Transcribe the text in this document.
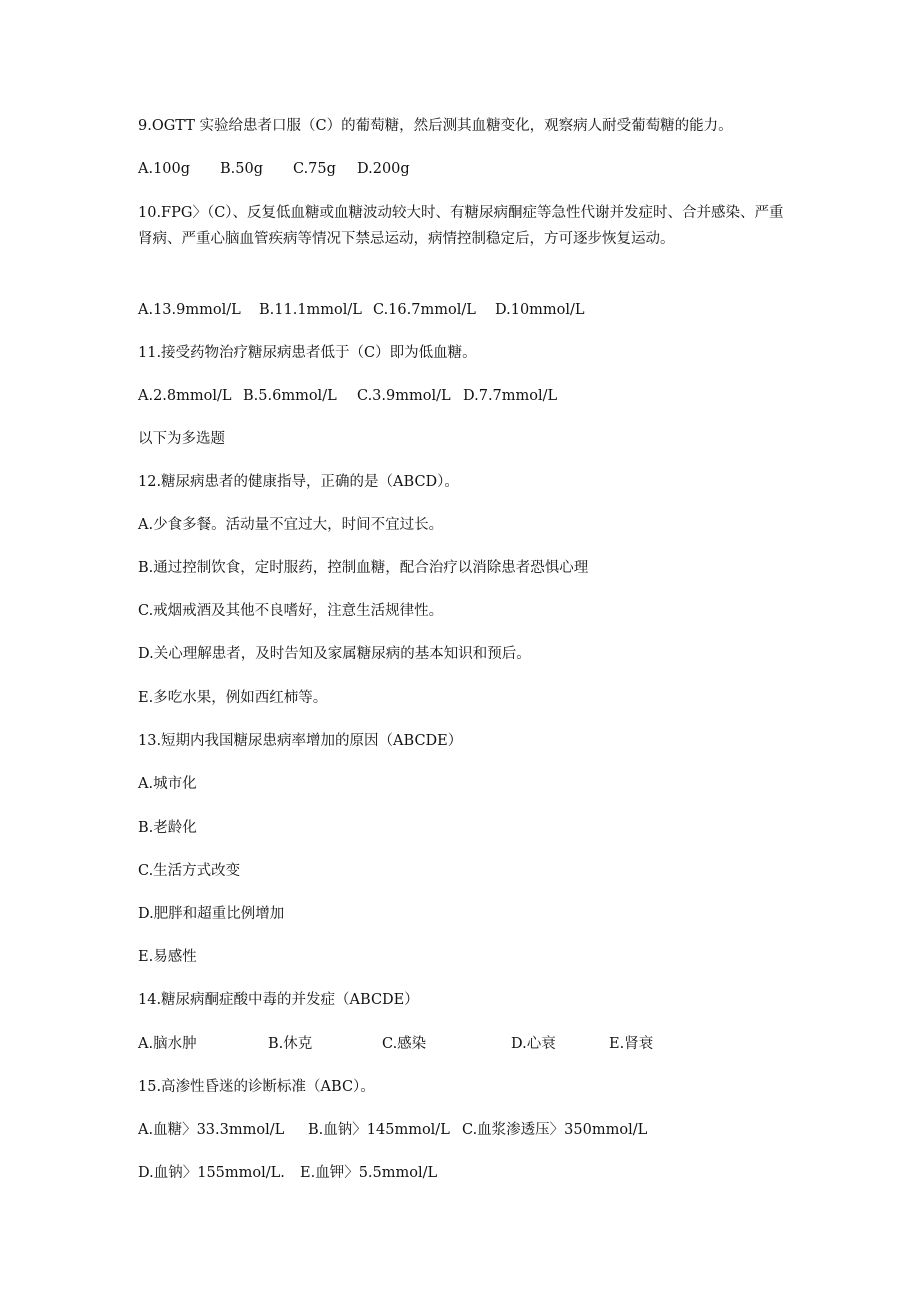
9.OGTT 实验给患者口服（C）的葡萄糖，然后测其血糖变化，观察病人耐受葡萄糖的能力。
A.100g B.50g C.75g D.200g
10.FPG〉（C）、反复低血糖或血糖波动较大时、有糖尿病酮症等急性代谢并发症时、合并感染、严重肾病、严重心脑血管疾病等情况下禁忌运动，病情控制稳定后，方可逐步恢复运动。
A.13.9mmol/L B.11.1mmol/L C.16.7mmol/L D.10mmol/L
11.接受药物治疗糖尿病患者低于（C）即为低血糖。
A.2.8mmol/L B.5.6mmol/L C.3.9mmol/L D.7.7mmol/L
以下为多选题
12.糖尿病患者的健康指导，正确的是（ABCD）。
A.少食多餐。活动量不宜过大，时间不宜过长。
B.通过控制饮食，定时服药，控制血糖，配合治疗以消除患者恐惧心理
C.戒烟戒酒及其他不良嗜好，注意生活规律性。
D.关心理解患者，及时告知及家属糖尿病的基本知识和预后。
E.多吃水果，例如西红柿等。
13.短期内我国糖尿患病率增加的原因（ABCDE）
A.城市化
B.老龄化
C.生活方式改变
D.肥胖和超重比例增加
E.易感性
14.糖尿病酮症酸中毒的并发症（ABCDE）
A.脑水肿	B.休克	C.感染	D.心衰	E.肾衰
15.高渗性昏迷的诊断标准（ABC）。
A.血糖〉33.3mmol/L B.血钠〉145mmol/L C.血浆渗透压〉350mmol/L
D.血钠〉155mmol/L. E.血钾〉5.5mmol/L
